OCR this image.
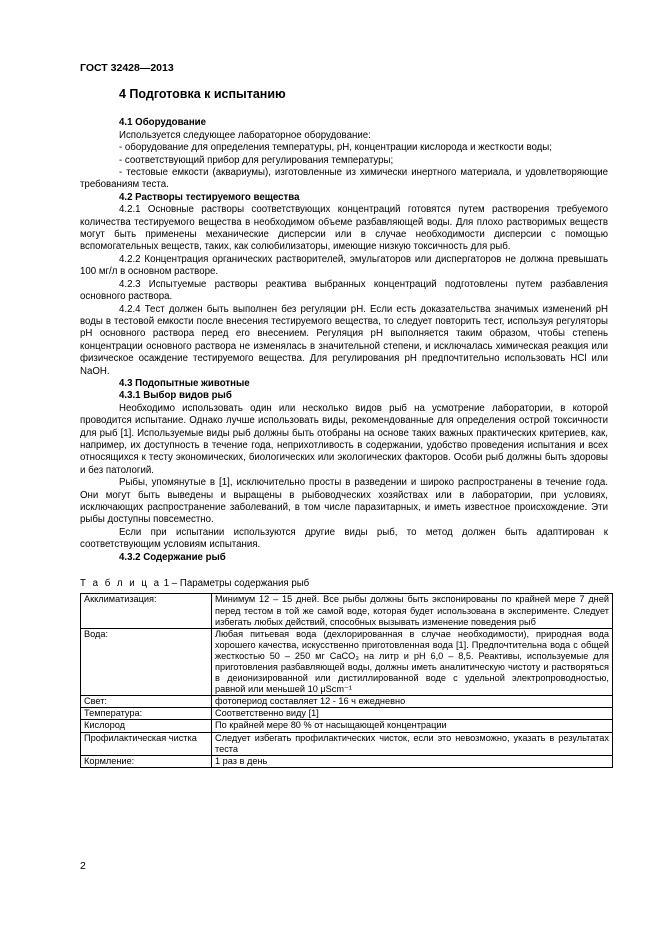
ГОСТ 32428—2013

4 Подготовка к испытанию

4.1 Оборудование

Используется следующее лабораторное оборудование:

- оборудование для определения температуры, pH, концентрации кислорода и жесткости воды;

- соответствующий прибор для регулирования температуры;

- тестовые емкости (аквариумы), изготовленные из химически инертного материала, и удовлетворяющие требованиям теста.

4.2 Растворы тестируемого вещества

4.2.1 Основные растворы соответствующих концентраций готовятся путем растворения требуемого количества тестируемого вещества в необходимом объеме разбавляющей воды. Для плохо растворимых веществ могут быть применены механические дисперсии или в случае необходимости дисперсии с помощью вспомогательных веществ, таких, как солюбилизаторы, имеющие низкую токсичность для рыб.

4.2.2 Концентрация органических растворителей, эмульгаторов или диспергаторов не должна превышать 100 мг/л в основном растворе.

4.2.3 Испытуемые растворы реактива выбранных концентраций подготовлены путем разбавления основного раствора.

4.2.4 Тест должен быть выполнен без регуляции pH. Если есть доказательства значимых изменений pH воды в тестовой емкости после внесения тестируемого вещества, то следует повторить тест, используя регуляторы pH основного раствора перед его внесением. Регуляция pH выполняется таким образом, чтобы степень концентрации основного раствора не изменялась в значительной степени, и исключалась химическая реакция или физическое осаждение тестируемого вещества. Для регулирования pH предпочтительно использовать HCl или NaOH.

4.3 Подопытные животные

4.3.1 Выбор видов рыб

Необходимо использовать один или несколько видов рыб на усмотрение лаборатории, в которой проводится испытание. Однако лучше использовать виды, рекомендованные для определения острой токсичности для рыб [1]. Используемые виды рыб должны быть отобраны на основе таких важных практических критериев, как, например, их доступность в течение года, неприхотливость в содержании, удобство проведения испытания и всех относящихся к тесту экономических, биологических или экологических факторов. Особи рыб должны быть здоровы и без патологий.

Рыбы, упомянутые в [1], исключительно просты в разведении и широко распространены в течение года. Они могут быть выведены и выращены в рыбоводческих хозяйствах или в лаборатории, при условиях, исключающих распространение заболеваний, в том числе паразитарных, и иметь известное происхождение. Эти рыбы доступны повсеместно.

Если при испытании используются другие виды рыб, то метод должен быть адаптирован к соответствующим условиям испытания.

4.3.2 Содержание рыб

Т а б л и ц а 1 – Параметры содержания рыб

Акклиматизация:	Минимум 12 – 15 дней. Все рыбы должны быть экспонированы по крайней мере 7 дней перед тестом в той же самой воде, которая будет использована в эксперименте. Следует избегать любых действий, способных вызывать изменение поведения рыб
Вода:	Любая питьевая вода (дехлорированная в случае необходимости), природная вода хорошего качества, искусственно приготовленная вода [1]. Предпочтительна вода с общей жесткостью 50 – 250 мг CaCO₃ на литр и pH 6,0 – 8,5. Реактивы, используемые для приготовления разбавляющей воды, должны иметь аналитическую чистоту и растворяться в деионизированной или дистиллированной воде с удельной электропроводностью, равной или меньшей 10 μScm⁻¹
Свет:	фотопериод составляет 12 - 16 ч ежедневно
Температура:	Соответственно виду [1]
Кислород	По крайней мере 80 % от насыщающей концентрации
Профилактическая чистка	Следует избегать профилактических чисток, если это невозможно, указать в результатах теста
Кормление:	1 раз в день
2
